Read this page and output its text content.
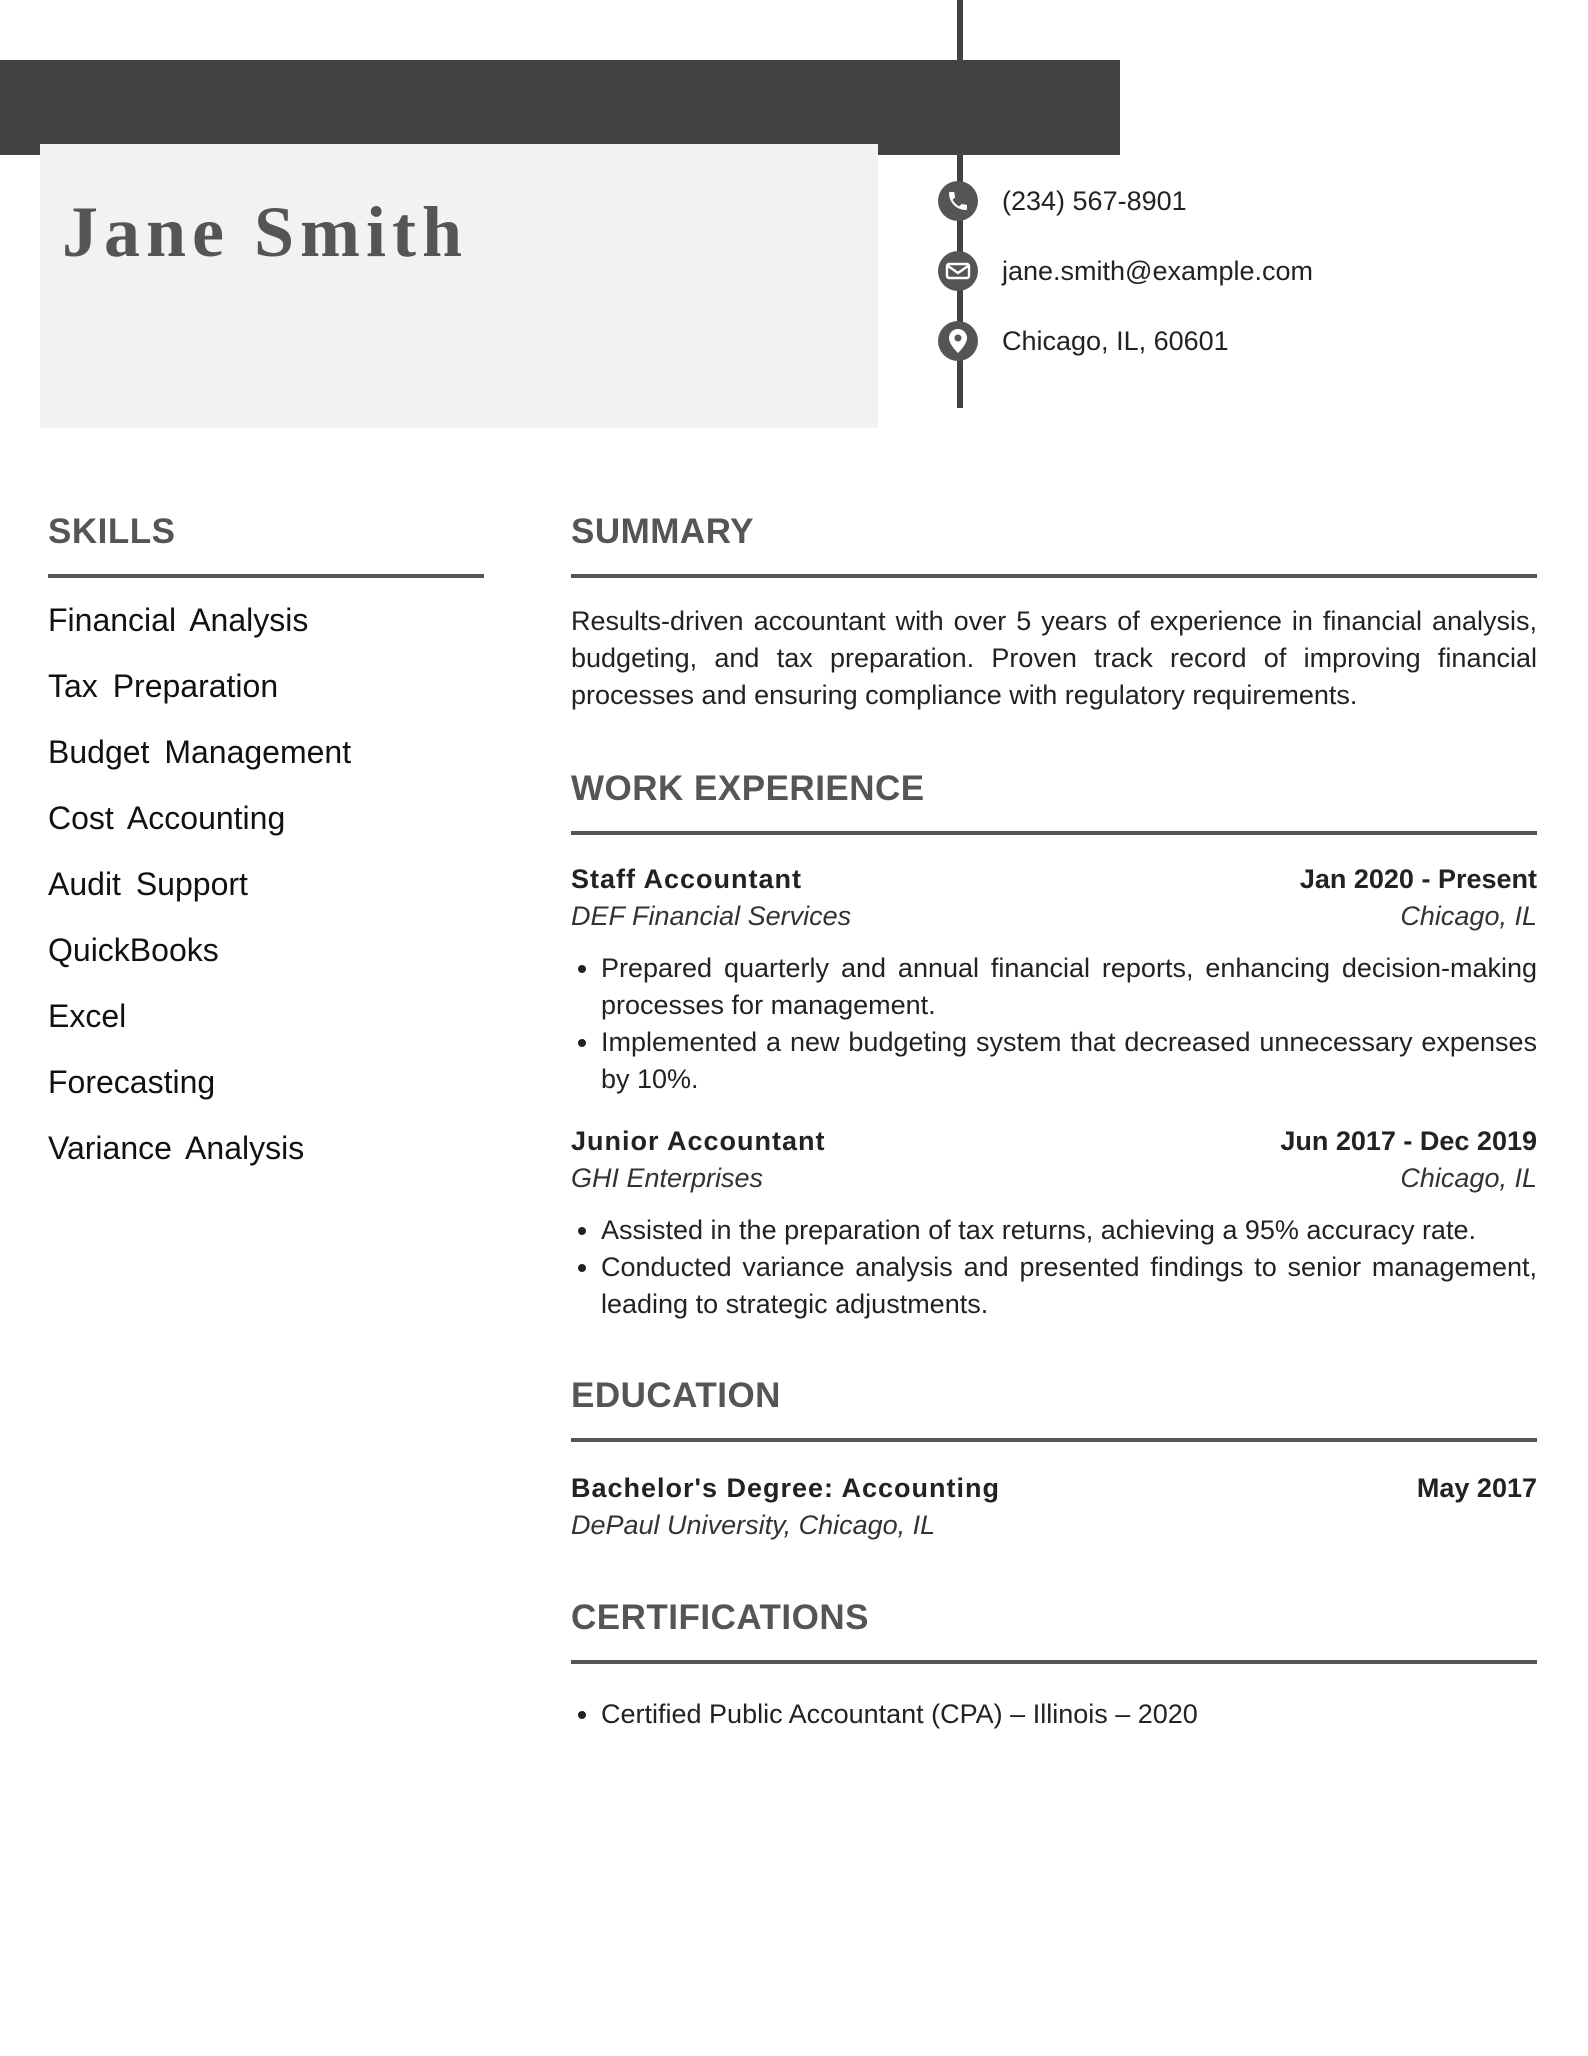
Jane Smith	(234) 567-8901
jane.smith@example.com
Chicago, IL, 60601
SKILLS
Financial Analysis
Tax Preparation
Budget Management
Cost Accounting
Audit Support
QuickBooks
Excel
Forecasting
Variance Analysis
SUMMARY

Results-driven accountant with over 5 years of experience in financial analysis, budgeting, and tax preparation. Proven track record of improving financial processes and ensuring compliance with regulatory requirements.

WORK EXPERIENCE
Staff Accountant	Jan 2020 - Present
DEF Financial Services	Chicago, IL
• Prepared quarterly and annual financial reports, enhancing decision-making processes for management.
• Implemented a new budgeting system that decreased unnecessary expenses by 10%.
Junior Accountant	Jun 2017 - Dec 2019
GHI Enterprises	Chicago, IL
• Assisted in the preparation of tax returns, achieving a 95% accuracy rate.
• Conducted variance analysis and presented findings to senior management, leading to strategic adjustments.
EDUCATION
Bachelor's Degree: Accounting	May 2017
DePaul University, Chicago, IL
CERTIFICATIONS
• Certified Public Accountant (CPA) – Illinois – 2020
